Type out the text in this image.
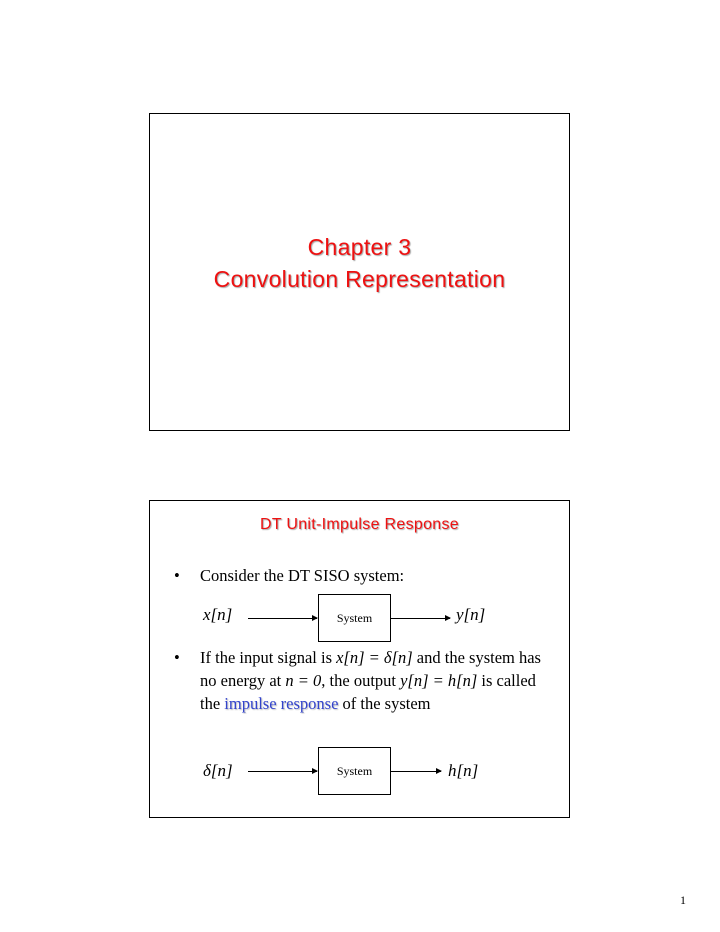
Chapter 3
Convolution Representation
DT Unit-Impulse Response
• Consider the DT SISO system:
x[n]	System	y[n]
• If the input signal is x[n] = δ[n] and the system has no energy at n = 0, the output y[n] = h[n] is called the impulse response of the system
δ[n]	System	h[n]
1
